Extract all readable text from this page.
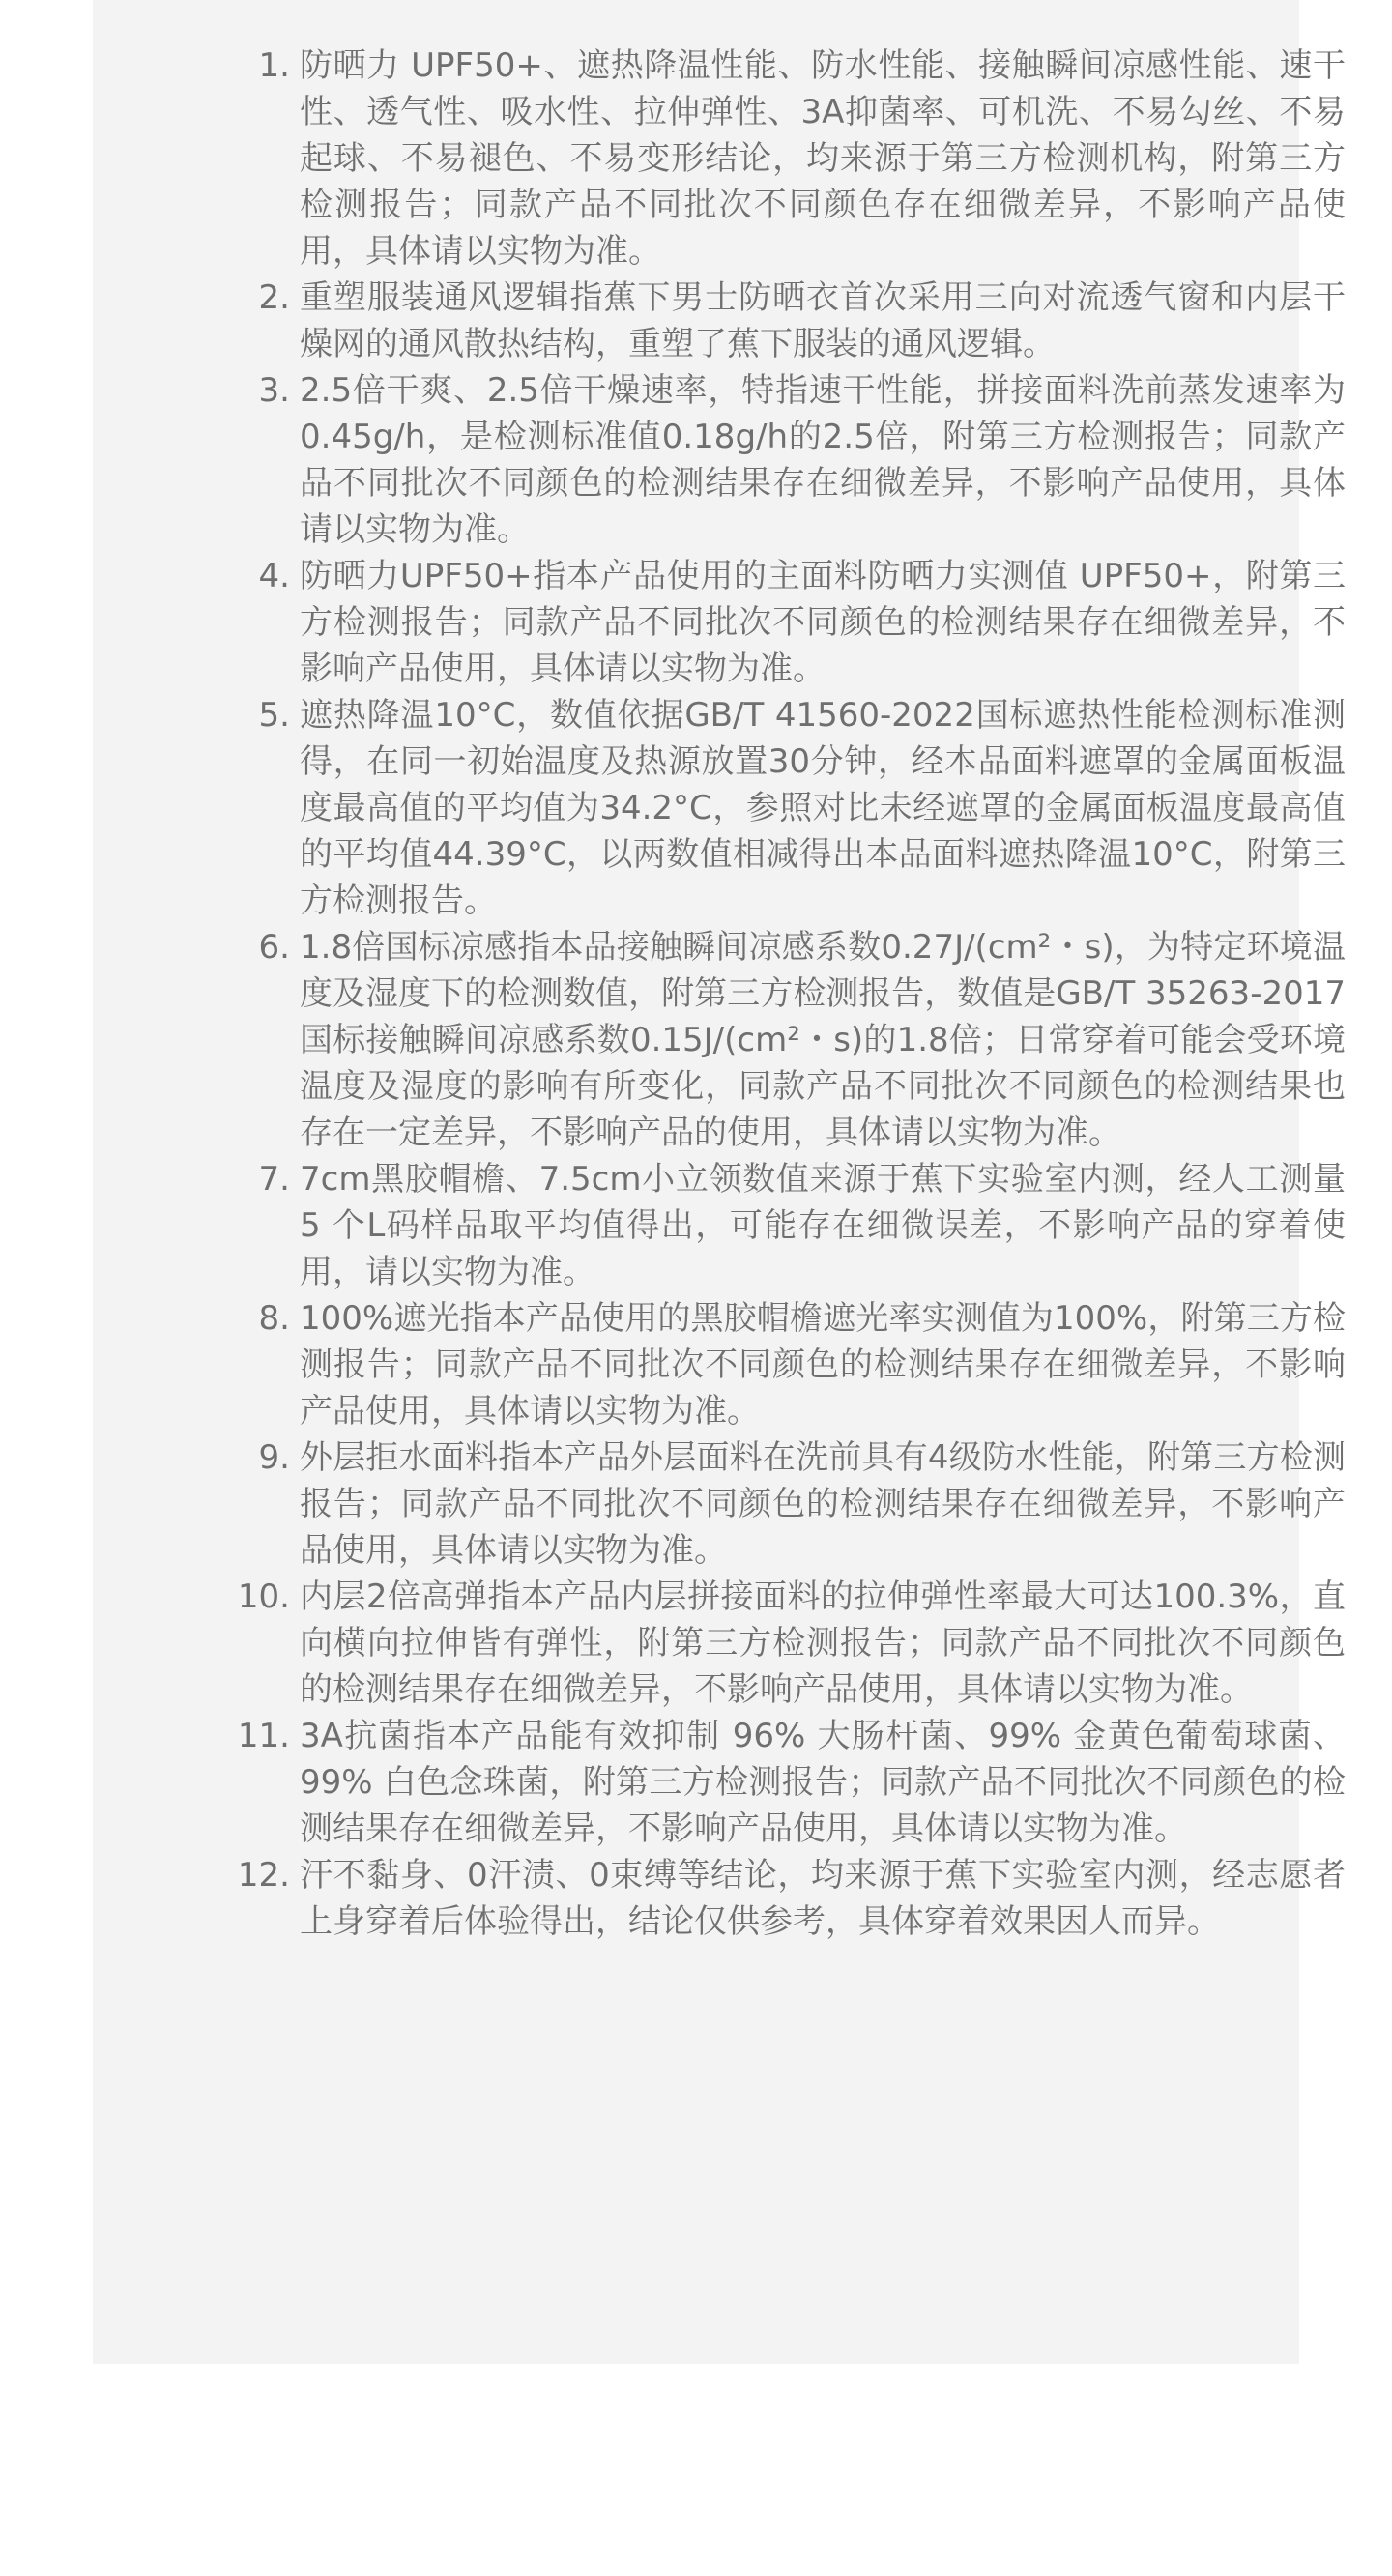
1. 防晒力 UPF50+、遮热降温性能、防水性能、接触瞬间凉感性能、速干性、透气性、吸水性、拉伸弹性、3A抑菌率、可机洗、不易勾丝、不易起球、不易褪色、不易变形结论，均来源于第三方检测机构，附第三方检测报告；同款产品不同批次不同颜色存在细微差异，不影响产品使用，具体请以实物为准。
2. 重塑服装通风逻辑指蕉下男士防晒衣首次采用三向对流透气窗和内层干燥网的通风散热结构，重塑了蕉下服装的通风逻辑。
3. 2.5倍干爽、2.5倍干燥速率，特指速干性能，拼接面料洗前蒸发速率为0.45g/h，是检测标准值0.18g/h的2.5倍，附第三方检测报告；同款产品不同批次不同颜色的检测结果存在细微差异，不影响产品使用，具体请以实物为准。
4. 防晒力UPF50+指本产品使用的主面料防晒力实测值 UPF50+，附第三方检测报告；同款产品不同批次不同颜色的检测结果存在细微差异，不影响产品使用，具体请以实物为准。
5. 遮热降温10°C，数值依据GB/T 41560-2022国标遮热性能检测标准测得，在同一初始温度及热源放置30分钟，经本品面料遮罩的金属面板温度最高值的平均值为34.2°C，参照对比未经遮罩的金属面板温度最高值的平均值44.39°C，以两数值相减得出本品面料遮热降温10°C，附第三方检测报告。
6. 1.8倍国标凉感指本品接触瞬间凉感系数0.27J/(cm²・s)，为特定环境温度及湿度下的检测数值，附第三方检测报告，数值是GB/T 35263-2017国标接触瞬间凉感系数0.15J/(cm²・s)的1.8倍；日常穿着可能会受环境温度及湿度的影响有所变化，同款产品不同批次不同颜色的检测结果也存在一定差异，不影响产品的使用，具体请以实物为准。
7. 7cm黑胶帽檐、7.5cm小立领数值来源于蕉下实验室内测，经人工测量 5 个L码样品取平均值得出，可能存在细微误差，不影响产品的穿着使用，请以实物为准。
8. 100%遮光指本产品使用的黑胶帽檐遮光率实测值为100%，附第三方检测报告；同款产品不同批次不同颜色的检测结果存在细微差异，不影响产品使用，具体请以实物为准。
9. 外层拒水面料指本产品外层面料在洗前具有4级防水性能，附第三方检测报告；同款产品不同批次不同颜色的检测结果存在细微差异，不影响产品使用，具体请以实物为准。
10. 内层2倍高弹指本产品内层拼接面料的拉伸弹性率最大可达100.3%，直向横向拉伸皆有弹性，附第三方检测报告；同款产品不同批次不同颜色的检测结果存在细微差异，不影响产品使用，具体请以实物为准。
11. 3A抗菌指本产品能有效抑制 96% 大肠杆菌、99% 金黄色葡萄球菌、99% 白色念珠菌，附第三方检测报告；同款产品不同批次不同颜色的检测结果存在细微差异，不影响产品使用，具体请以实物为准。
12. 汗不黏身、0汗渍、0束缚等结论，均来源于蕉下实验室内测，经志愿者上身穿着后体验得出，结论仅供参考，具体穿着效果因人而异。
